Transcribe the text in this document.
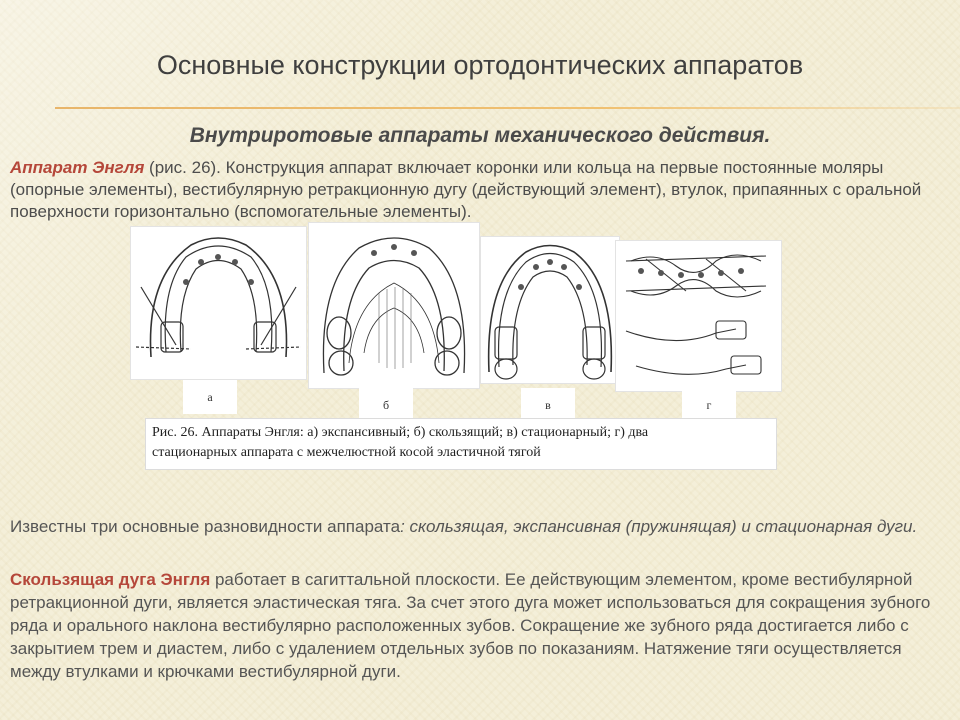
Основные конструкции ортодонтических аппаратов
Внутриротовые аппараты механического действия.

Аппарат Энгля (рис. 26). Конструкция аппарат включает коронки или кольца на первые постоянные моляры (опорные элементы), вестибулярную ретракционную дугу (действующий элемент), втулок, припаянных с оральной поверхности горизонтально (вспомогательные элементы).

а
б	в	г
Рис. 26. Аппараты Энгля: а) экспансивный; б) скользящий; в) стационарный; г) два
стационарных аппарата с межчелюстной косой эластичной тягой

Известны три основные разновидности аппарата: скользящая, экспансивная (пружинящая) и стационарная дуги.

Скользящая дуга Энгля работает в сагиттальной плоскости. Ее действующим элементом, кроме вестибулярной ретракционной дуги, является эластическая тяга. За счет этого дуга может использоваться для сокращения зубного ряда и орального наклона вестибулярно расположенных зубов. Сокращение же зубного ряда достигается либо с закрытием трем и диастем, либо с удалением отдельных зубов по показаниям. Натяжение тяги осуществляется между втулками и крючками вестибулярной дуги.
